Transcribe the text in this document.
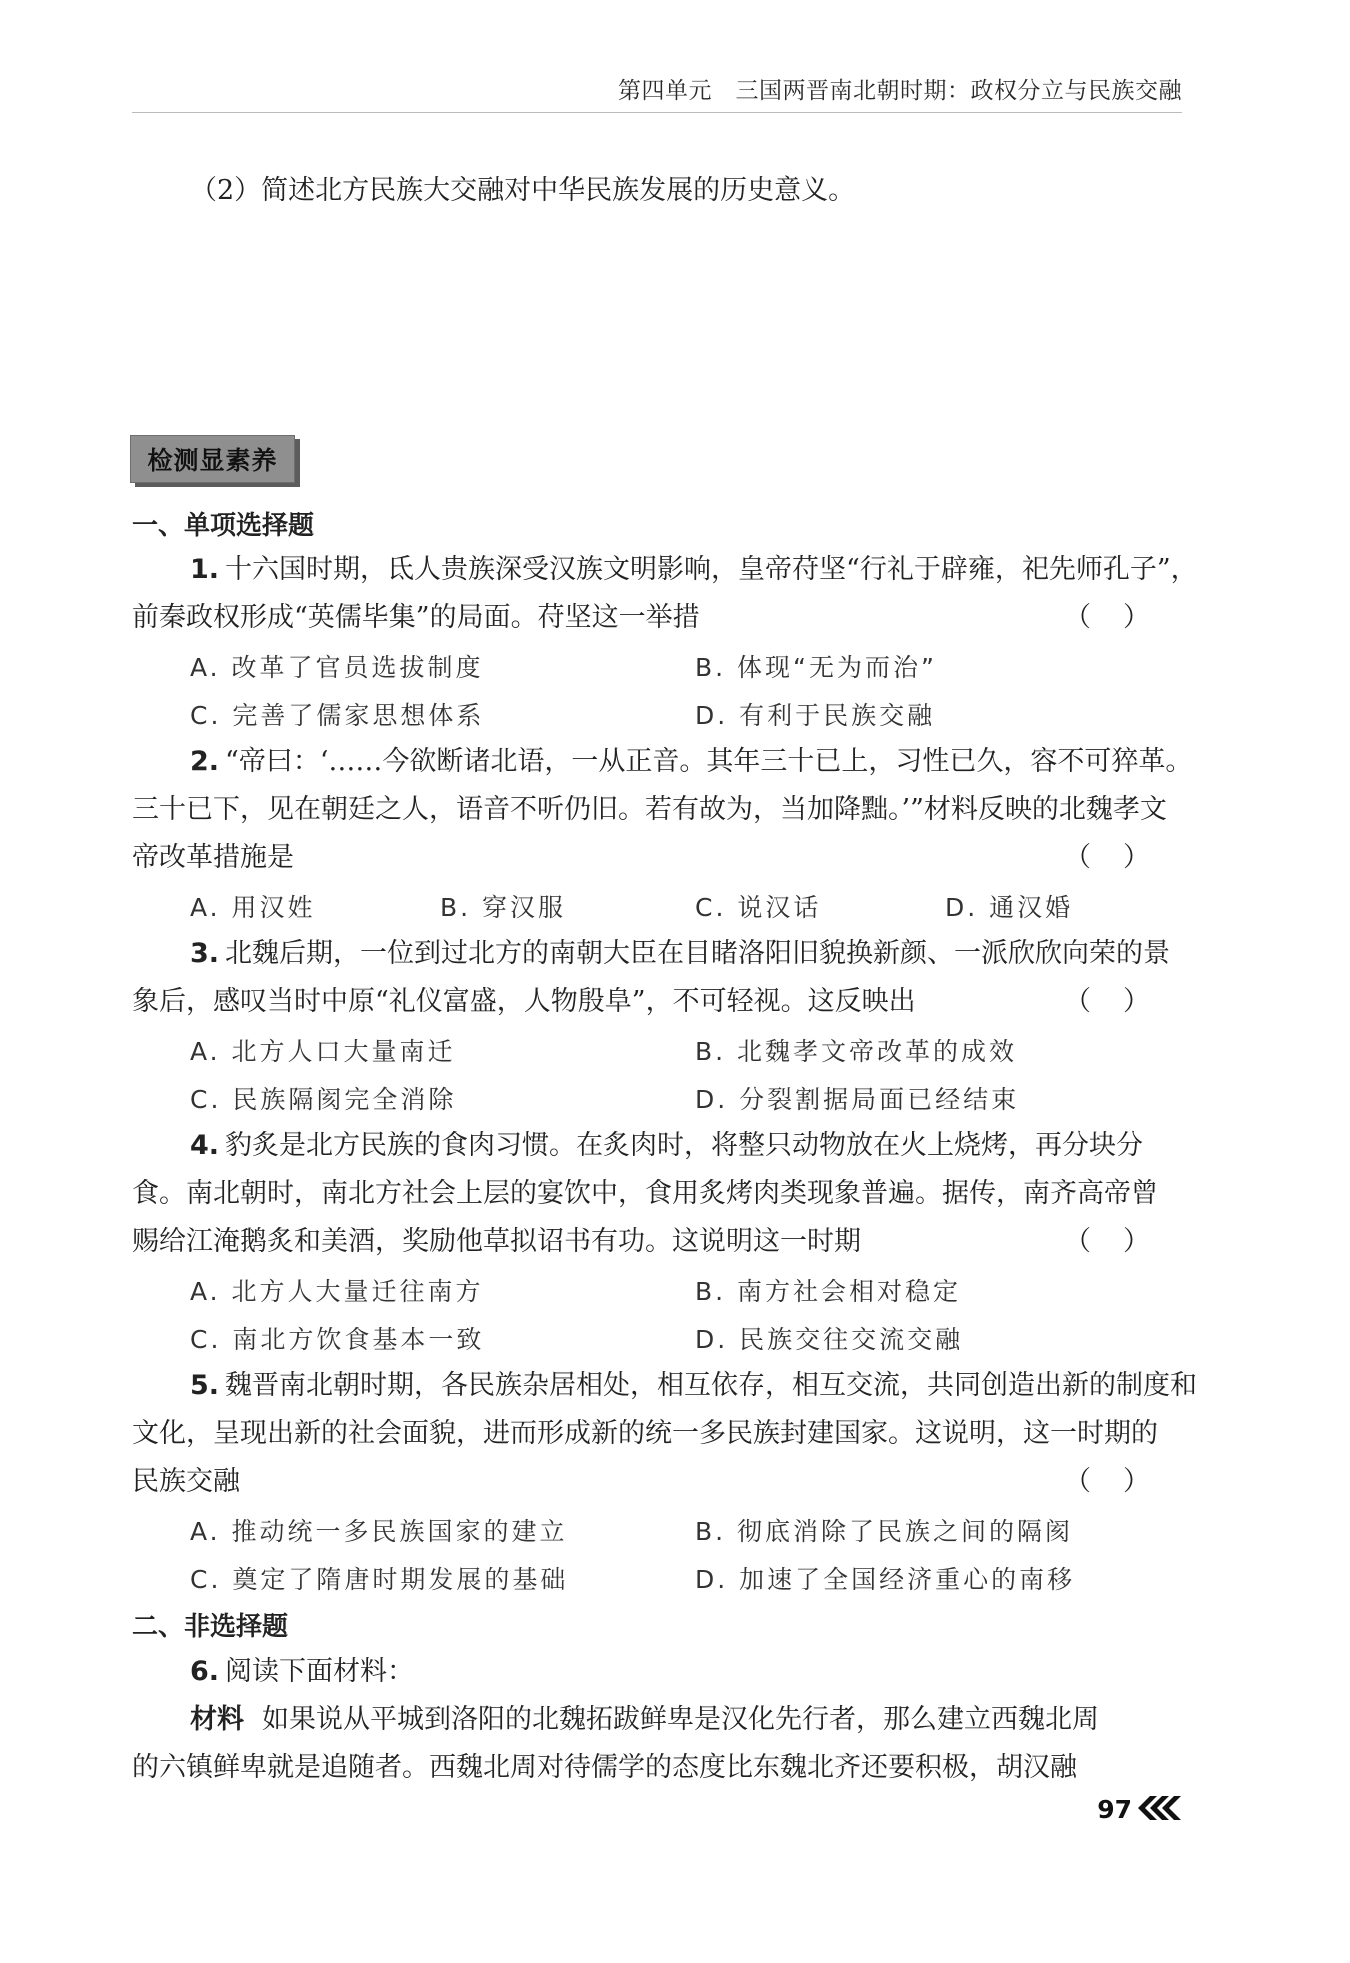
第四单元　三国两晋南北朝时期：政权分立与民族交融
（2）简述北方民族大交融对中华民族发展的历史意义。
检测显素养
一、单项选择题
1. 十六国时期，氐人贵族深受汉族文明影响，皇帝苻坚“行礼于辟雍，祀先师孔子”，
前秦政权形成“英儒毕集”的局面。苻坚这一举措	（）
A. 改革了官员选拔制度	B. 体现“无为而治”
C. 完善了儒家思想体系	D. 有利于民族交融
2. “帝曰：‘……今欲断诸北语，一从正音。其年三十已上，习性已久，容不可猝革。
三十已下，见在朝廷之人，语音不听仍旧。若有故为，当加降黜。’”材料反映的北魏孝文
帝改革措施是	（）
A. 用汉姓	B. 穿汉服	C. 说汉话	D. 通汉婚
3. 北魏后期，一位到过北方的南朝大臣在目睹洛阳旧貌换新颜、一派欣欣向荣的景
象后，感叹当时中原“礼仪富盛，人物殷阜”，不可轻视。这反映出	（）
A. 北方人口大量南迁	B. 北魏孝文帝改革的成效
C. 民族隔阂完全消除	D. 分裂割据局面已经结束
4. 豹炙是北方民族的食肉习惯。在炙肉时，将整只动物放在火上烧烤，再分块分
食。南北朝时，南北方社会上层的宴饮中，食用炙烤肉类现象普遍。据传，南齐高帝曾
赐给江淹鹅炙和美酒，奖励他草拟诏书有功。这说明这一时期	（）
A. 北方人大量迁往南方	B. 南方社会相对稳定
C. 南北方饮食基本一致	D. 民族交往交流交融
5. 魏晋南北朝时期，各民族杂居相处，相互依存，相互交流，共同创造出新的制度和
文化，呈现出新的社会面貌，进而形成新的统一多民族封建国家。这说明，这一时期的
民族交融	（）
A. 推动统一多民族国家的建立	B. 彻底消除了民族之间的隔阂
C. 奠定了隋唐时期发展的基础	D. 加速了全国经济重心的南移
二、非选择题
6. 阅读下面材料：
材料 如果说从平城到洛阳的北魏拓跋鲜卑是汉化先行者，那么建立西魏北周
的六镇鲜卑就是追随者。西魏北周对待儒学的态度比东魏北齐还要积极，胡汉融
97
